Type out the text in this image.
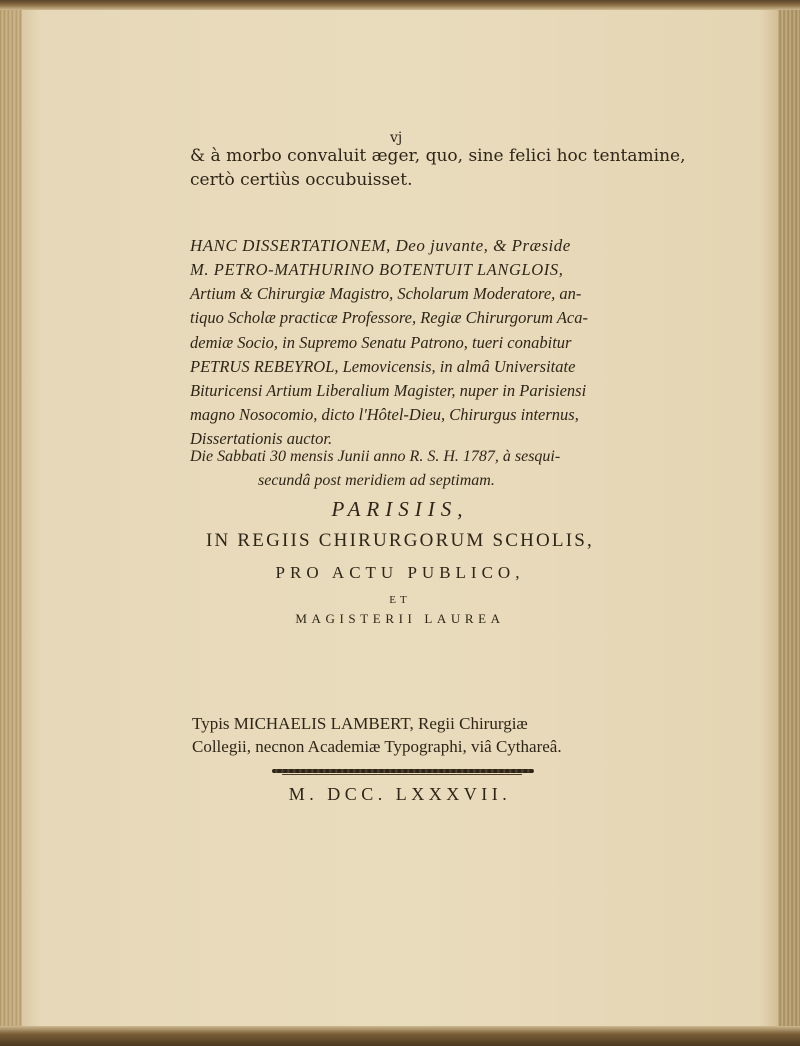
vj
& à morbo convaluit æger, quo, sine felici hoc tentamine,
certò certiùs occubuisset.
HANC DISSERTATIONEM, Deo juvante, & Præside
M. PETRO-MATHURINO BOTENTUIT LANGLOIS,
Artium & Chirurgiæ Magistro, Scholarum Moderatore, an-
tiquo Scholæ practicæ Professore, Regiæ Chirurgorum Aca-
demiæ Socio, in Supremo Senatu Patrono, tueri conabitur
PETRUS REBEYROL, Lemovicensis, in almâ Universitate
Bituricensi Artium Liberalium Magister, nuper in Parisiensi
magno Nosocomio, dicto l'Hôtel-Dieu, Chirurgus internus,
Dissertationis auctor.
Die Sabbati 30 mensis Junii anno R. S. H. 1787, à sesqui-
secundâ post meridiem ad septimam.
PARISIIS,
IN REGIIS CHIRURGORUM SCHOLIS,
PRO ACTU PUBLICO,
ET
MAGISTERII LAUREA
Typis MICHAELIS LAMBERT, Regii Chirurgiæ
Collegii, necnon Academiæ Typographi, viâ Cythareâ.
M. DCC. LXXXVII.
